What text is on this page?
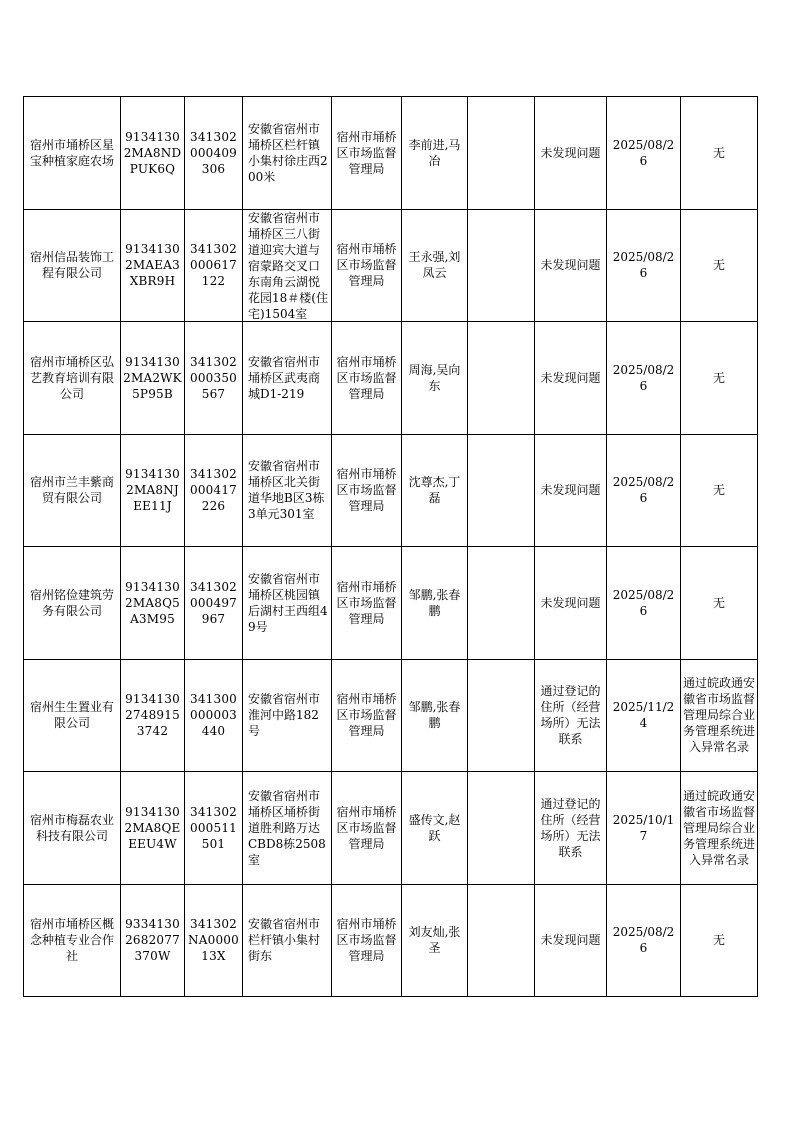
宿州市埇桥区星宝种植家庭农场	91341302MA8NDPUK6Q	341302000409306	安徽省宿州市埇桥区栏杆镇小集村徐庄西200米	宿州市埇桥区市场监督管理局	李前进,马冶		未发现问题	2025/08/26	无

宿州信品装饰工程有限公司	91341302MAEA3XBR9H	341302000617122	安徽省宿州市埇桥区三八街道迎宾大道与宿蒙路交叉口东南角云湖悦花园18＃楼(住宅)1504室	宿州市埇桥区市场监督管理局	王永强,刘凤云		未发现问题	2025/08/26	无

宿州市埇桥区弘艺教育培训有限公司	91341302MA2WK5P95B	341302000350567	安徽省宿州市埇桥区武夷商城D1-219	宿州市埇桥区市场监督管理局	周海,吴向东		未发现问题	2025/08/26	无

宿州市兰丰紫商贸有限公司	91341302MA8NJEE11J	341302000417226	安徽省宿州市埇桥区北关街道华地B区3栋3单元301室	宿州市埇桥区市场监督管理局	沈尊杰,丁磊		未发现问题	2025/08/26	无

宿州铭俭建筑劳务有限公司	91341302MA8Q5A3M95	341302000497967	安徽省宿州市埇桥区桃园镇后湖村王西组49号	宿州市埇桥区市场监督管理局	邹鹏,张春鹏		未发现问题	2025/08/26	无

宿州生生置业有限公司	913413027489153742	341300000003440	安徽省宿州市淮河中路182号	宿州市埇桥区市场监督管理局	邹鹏,张春鹏		通过登记的住所（经营场所）无法联系	2025/11/24	通过皖政通安徽省市场监督管理局综合业务管理系统进入异常名录

宿州市梅磊农业科技有限公司	91341302MA8QEEEU4W	341302000511501	安徽省宿州市埇桥区埇桥街道胜利路万达CBD8栋2508室	宿州市埇桥区市场监督管理局	盛传文,赵跃		通过登记的住所（经营场所）无法联系	2025/10/17	通过皖政通安徽省市场监督管理局综合业务管理系统进入异常名录

宿州市埇桥区概念种植专业合作社	93341302682077370W	341302NA000013X	安徽省宿州市栏杆镇小集村街东	宿州市埇桥区市场监督管理局	刘友灿,张圣		未发现问题	2025/08/26	无
